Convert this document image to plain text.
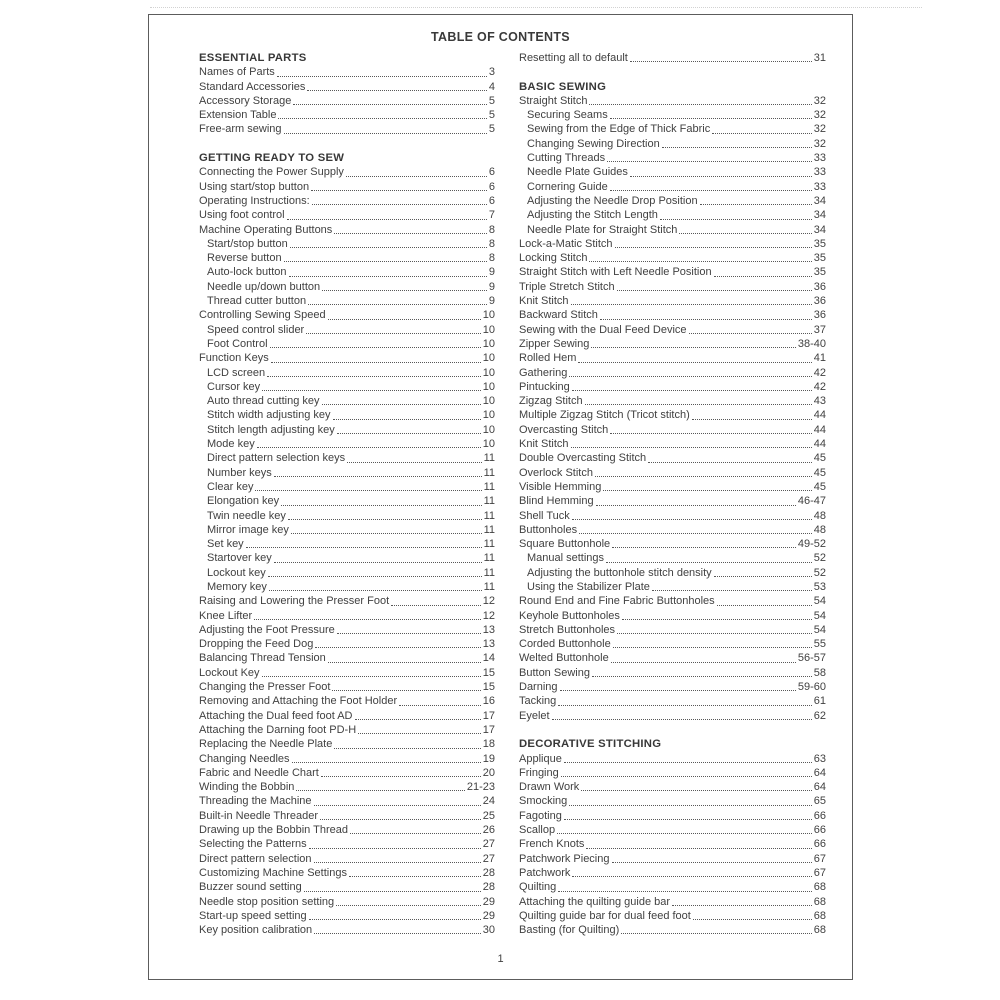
TABLE OF CONTENTS
ESSENTIAL PARTS
Names of Parts	3
Standard Accessories	4
Accessory Storage	5
Extension Table	5
Free-arm sewing	5
GETTING READY TO SEW
Connecting the Power Supply	6
Using start/stop button	6
Operating Instructions:	6
Using foot control	7
Machine Operating Buttons	8
Start/stop button	8
Reverse button	8
Auto-lock button	9
Needle up/down button	9
Thread cutter button	9
Controlling Sewing Speed	10
Speed control slider	10
Foot Control	10
Function Keys	10
LCD screen	10
Cursor key	10
Auto thread cutting key	10
Stitch width adjusting key	10
Stitch length adjusting key	10
Mode key	10
Direct pattern selection keys	11
Number keys	11
Clear key	11
Elongation key	11
Twin needle key	11
Mirror image key	11
Set key	11
Startover key	11
Lockout key	11
Memory key	11
Raising and Lowering the Presser Foot	12
Knee Lifter	12
Adjusting the Foot Pressure	13
Dropping the Feed Dog	13
Balancing Thread Tension	14
Lockout Key	15
Changing the Presser Foot	15
Removing and Attaching the Foot Holder	16
Attaching the Dual feed foot AD	17
Attaching the Darning foot PD-H	17
Replacing the Needle Plate	18
Changing Needles	19
Fabric and Needle Chart	20
Winding the Bobbin	21-23
Threading the Machine	24
Built-in Needle Threader	25
Drawing up the Bobbin Thread	26
Selecting the Patterns	27
Direct pattern selection	27
Customizing Machine Settings	28
Buzzer sound setting	28
Needle stop position setting	29
Start-up speed setting	29
Key position calibration	30
Resetting all to default	31
BASIC SEWING
Straight Stitch	32
Securing Seams	32
Sewing from the Edge of Thick Fabric	32
Changing Sewing Direction	32
Cutting Threads	33
Needle Plate Guides	33
Cornering Guide	33
Adjusting the Needle Drop Position	34
Adjusting the Stitch Length	34
Needle Plate for Straight Stitch	34
Lock-a-Matic Stitch	35
Locking Stitch	35
Straight Stitch with Left Needle Position	35
Triple Stretch Stitch	36
Knit Stitch	36
Backward Stitch	36
Sewing with the Dual Feed Device	37
Zipper Sewing	38-40
Rolled Hem	41
Gathering	42
Pintucking	42
Zigzag Stitch	43
Multiple Zigzag Stitch (Tricot stitch)	44
Overcasting Stitch	44
Knit Stitch	44
Double Overcasting Stitch	45
Overlock Stitch	45
Visible Hemming	45
Blind Hemming	46-47
Shell Tuck	48
Buttonholes	48
Square Buttonhole	49-52
Manual settings	52
Adjusting the buttonhole stitch density	52
Using the Stabilizer Plate	53
Round End and Fine Fabric Buttonholes	54
Keyhole Buttonholes	54
Stretch Buttonholes	54
Corded Buttonhole	55
Welted Buttonhole	56-57
Button Sewing	58
Darning	59-60
Tacking	61
Eyelet	62
DECORATIVE STITCHING
Applique	63
Fringing	64
Drawn Work	64
Smocking	65
Fagoting	66
Scallop	66
French Knots	66
Patchwork Piecing	67
Patchwork	67
Quilting	68
Attaching the quilting guide bar	68
Quilting guide bar for dual feed foot	68
Basting (for Quilting)	68
1
